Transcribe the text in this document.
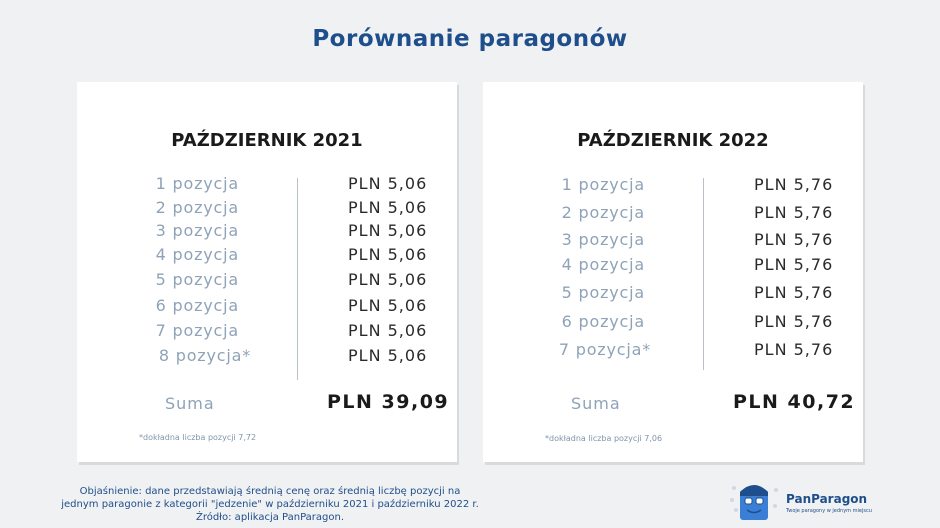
Porównanie paragonów
PAŹDZIERNIK 2021
1 pozycja	PLN 5,06
2 pozycja	PLN 5,06
3 pozycja	PLN 5,06
4 pozycja	PLN 5,06
5 pozycja	PLN 5,06
6 pozycja	PLN 5,06
7 pozycja	PLN 5,06
8 pozycja*	PLN 5,06
Suma	PLN 39,09
*dokładna liczba pozycji 7,72
PAŹDZIERNIK 2022
1 pozycja	PLN 5,76
2 pozycja	PLN 5,76
3 pozycja	PLN 5,76
4 pozycja	PLN 5,76
5 pozycja	PLN 5,76
6 pozycja	PLN 5,76
7 pozycja*	PLN 5,76
Suma	PLN 40,72
*dokładna liczba pozycji 7,06
Objaśnienie: dane przedstawiają średnią cenę oraz średnią liczbę pozycji na
jednym paragonie z kategorii "jedzenie" w październiku 2021 i październiku 2022 r.
Źródło: aplikacja PanParagon.
PanParagon
Twoje paragony w jednym miejscu
